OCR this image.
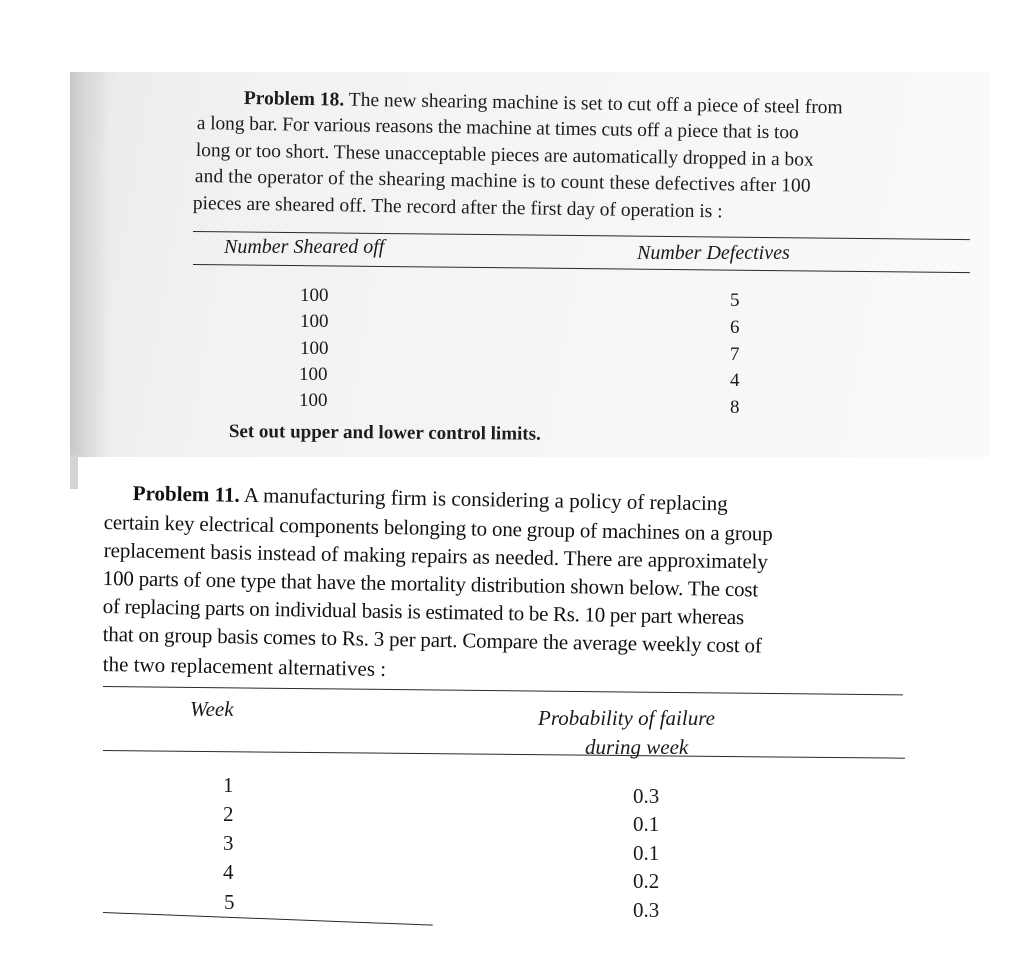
Problem 18. The new shearing machine is set to cut off a piece of steel from
a long bar. For various reasons the machine at times cuts off a piece that is too
long or too short. These unacceptable pieces are automatically dropped in a box
and the operator of the shearing machine is to count these defectives after 100
pieces are sheared off. The record after the first day of operation is :
Number Sheared off	Number Defectives
100
100
100
100
100
5
6
7
4
8
Set out upper and lower control limits.
Problem 11. A manufacturing firm is considering a policy of replacing
certain key electrical components belonging to one group of machines on a group
replacement basis instead of making repairs as needed. There are approximately
100 parts of one type that have the mortality distribution shown below. The cost
of replacing parts on individual basis is estimated to be Rs. 10 per part whereas
that on group basis comes to Rs. 3 per part. Compare the average weekly cost of
the two replacement alternatives :
Week	Probability of failure
during week
1
2
3
4
5
0.3
0.1
0.1
0.2
0.3
